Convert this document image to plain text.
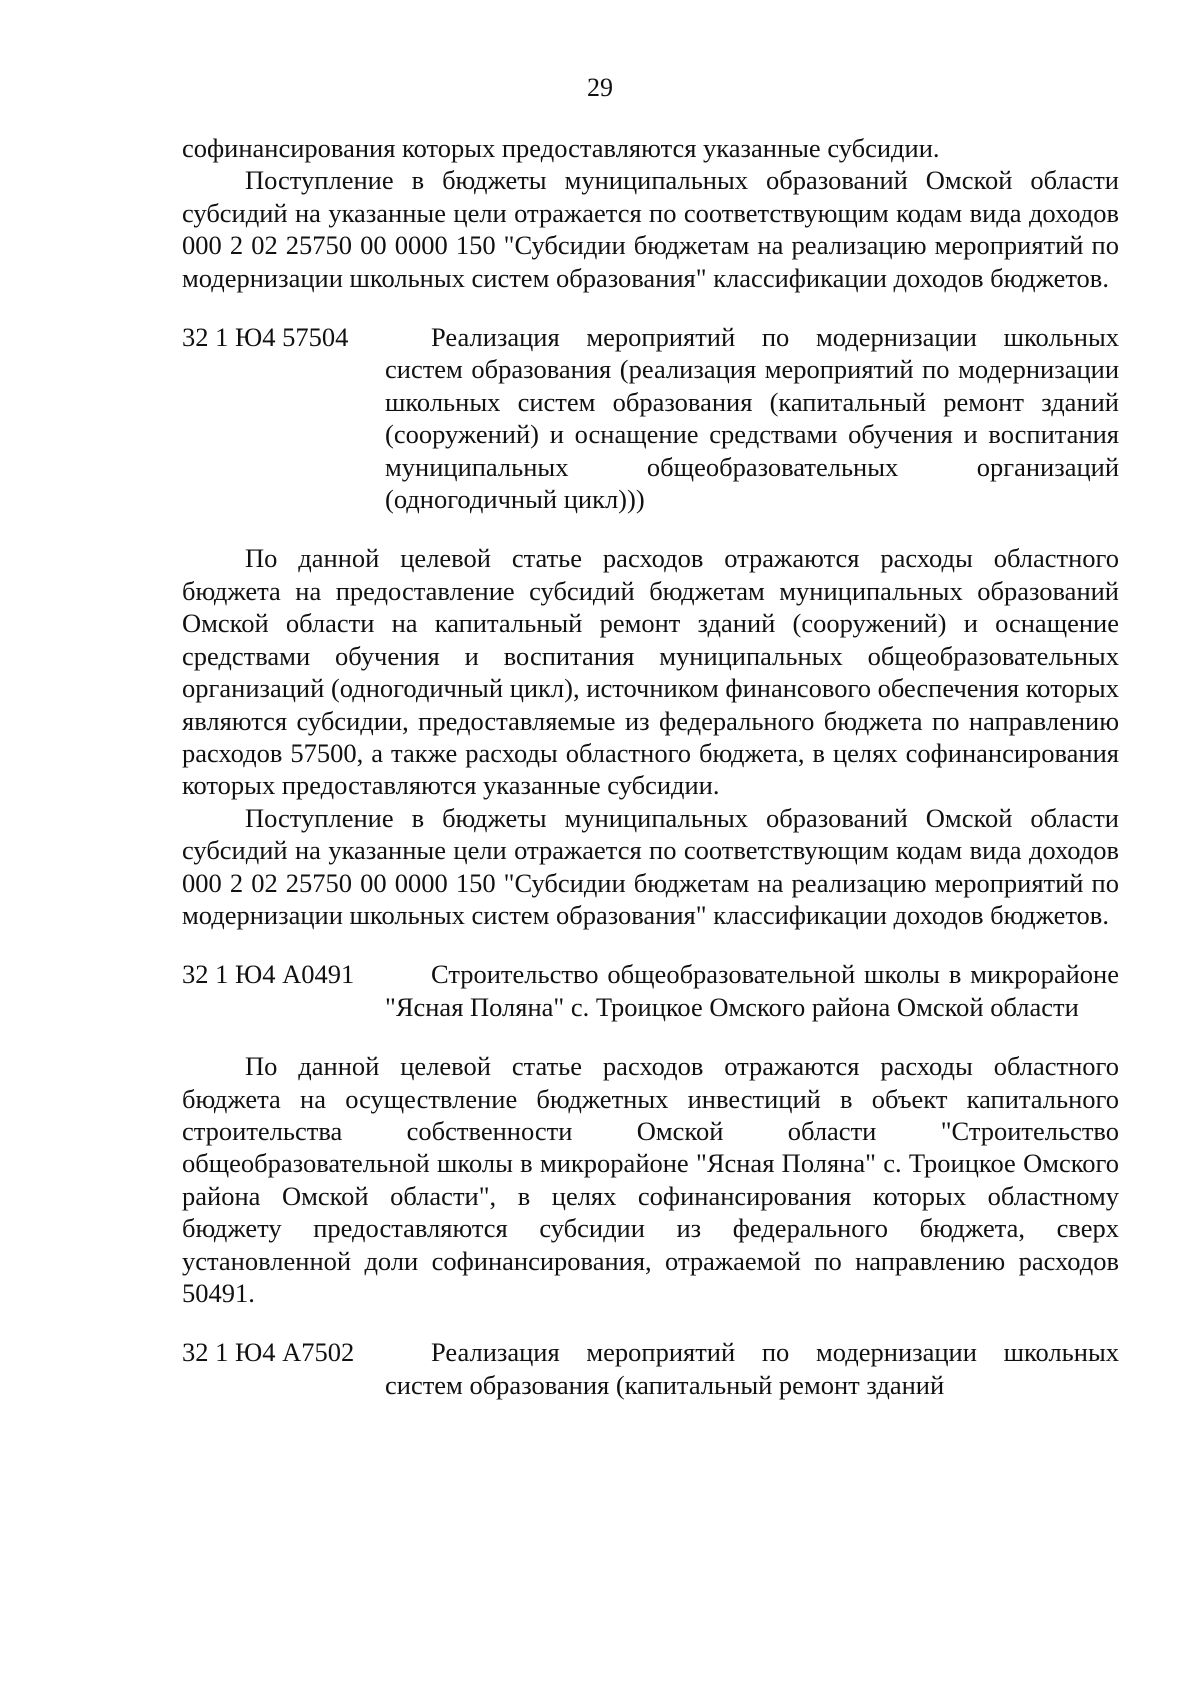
29

софинансирования которых предоставляются указанные субсидии.

Поступление в бюджеты муниципальных образований Омской области субсидий на указанные цели отражается по соответствующим кодам вида доходов 000 2 02 25750 00 0000 150 "Субсидии бюджетам на реализацию мероприятий по модернизации школьных систем образования" классификации доходов бюджетов.

32 1 Ю4 57504	Реализация мероприятий по модернизации школьных систем образования (реализация мероприятий по модернизации школьных систем образования (капитальный ремонт зданий (сооружений) и оснащение средствами обучения и воспитания муниципальных общеобразовательных организаций (одногодичный цикл)))

По данной целевой статье расходов отражаются расходы областного бюджета на предоставление субсидий бюджетам муниципальных образований Омской области на капитальный ремонт зданий (сооружений) и оснащение средствами обучения и воспитания муниципальных общеобразовательных организаций (одногодичный цикл), источником финансового обеспечения которых являются субсидии, предоставляемые из федерального бюджета по направлению расходов 57500, а также расходы областного бюджета, в целях софинансирования которых предоставляются указанные субсидии.

Поступление в бюджеты муниципальных образований Омской области субсидий на указанные цели отражается по соответствующим кодам вида доходов 000 2 02 25750 00 0000 150 "Субсидии бюджетам на реализацию мероприятий по модернизации школьных систем образования" классификации доходов бюджетов.

32 1 Ю4 А0491	Строительство общеобразовательной школы в микрорайоне "Ясная Поляна" с. Троицкое Омского района Омской области

По данной целевой статье расходов отражаются расходы областного бюджета на осуществление бюджетных инвестиций в объект капитального строительства собственности Омской области "Строительство общеобразовательной школы в микрорайоне "Ясная Поляна" с. Троицкое Омского района Омской области", в целях софинансирования которых областному бюджету предоставляются субсидии из федерального бюджета, сверх установленной доли софинансирования, отражаемой по направлению расходов 50491.

32 1 Ю4 А7502	Реализация мероприятий по модернизации школьных систем образования (капитальный ремонт зданий
